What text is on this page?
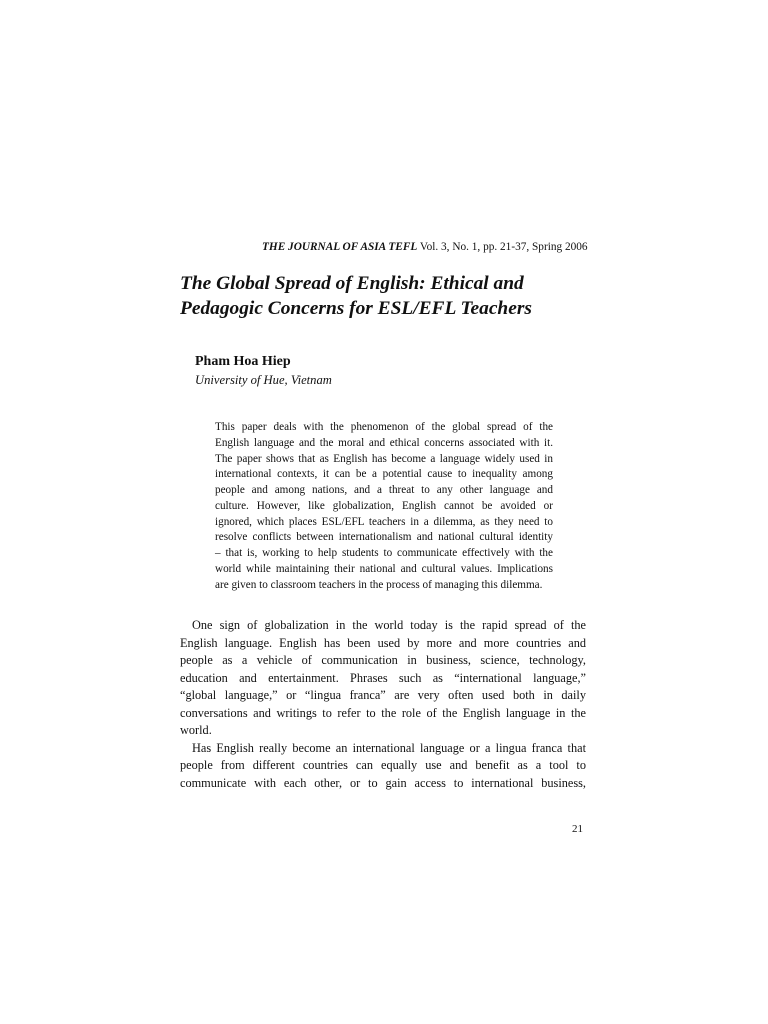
THE JOURNAL OF ASIA TEFL Vol. 3, No. 1, pp. 21-37, Spring 2006
The Global Spread of English: Ethical and
Pedagogic Concerns for ESL/EFL Teachers
Pham Hoa Hiep
University of Hue, Vietnam
This paper deals with the phenomenon of the global spread of the
English language and the moral and ethical concerns associated with it.
The paper shows that as English has become a language widely used in
international contexts, it can be a potential cause to inequality among
people and among nations, and a threat to any other language and
culture. However, like globalization, English cannot be avoided or
ignored, which places ESL/EFL teachers in a dilemma, as they need to
resolve conflicts between internationalism and national cultural identity
– that is, working to help students to communicate effectively with the
world while maintaining their national and cultural values. Implications
are given to classroom teachers in the process of managing this dilemma.
One sign of globalization in the world today is the rapid spread of the
English language. English has been used by more and more countries and
people as a vehicle of communication in business, science, technology,
education and entertainment. Phrases such as “international language,”
“global language,” or “lingua franca” are very often used both in daily
conversations and writings to refer to the role of the English language in the
world.
Has English really become an international language or a lingua franca that
people from different countries can equally use and benefit as a tool to
communicate with each other, or to gain access to international business,
21
